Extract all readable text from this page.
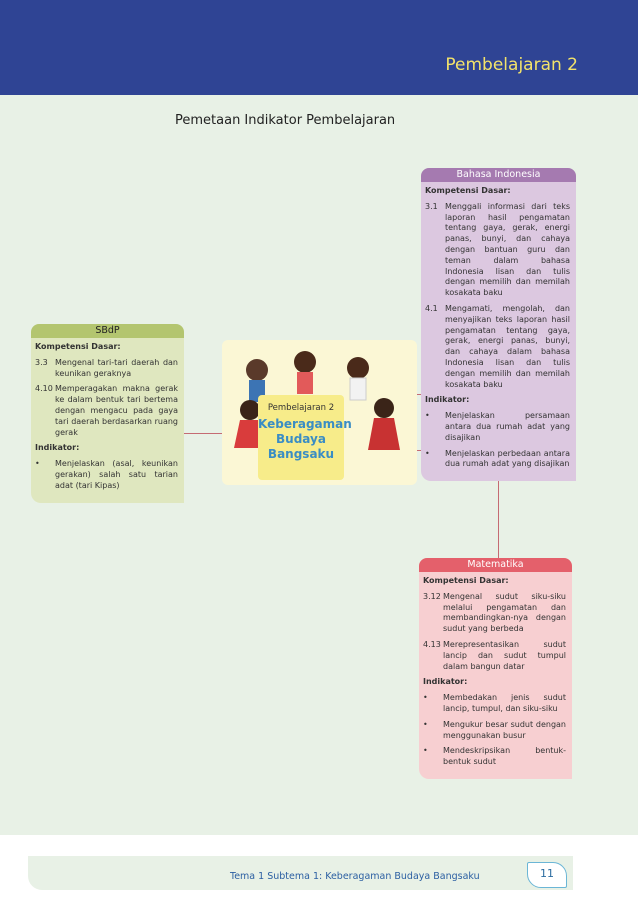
Pembelajaran 2
Pemetaan Indikator Pembelajaran
SBdP
Kompetensi Dasar:
3.3 Mengenal tari-tari daerah dan keunikan geraknya
4.10 Memperagakan makna gerak ke dalam bentuk tari bertema dengan mengacu pada gaya tari daerah berdasarkan ruang gerak
Indikator:
•	Menjelaskan (asal, keunikan gerakan) salah satu tarian adat (tari Kipas)
Bahasa Indonesia
Kompetensi Dasar:
3.1 Menggali informasi dari teks laporan hasil pengamatan tentang gaya, gerak, energi panas, bunyi, dan cahaya dengan bantuan guru dan teman dalam bahasa Indonesia lisan dan tulis dengan memilih dan memilah kosakata baku
4.1 Mengamati, mengolah, dan menyajikan teks laporan hasil pengamatan tentang gaya, gerak, energi panas, bunyi, dan cahaya dalam bahasa Indonesia lisan dan tulis dengan memilih dan memilah kosakata baku
Indikator:
•	Menjelaskan persamaan antara dua rumah adat yang disajikan
•	Menjelaskan perbedaan antara dua rumah adat yang disajikan
Pembelajaran 2
Keberagaman
Budaya
Bangsaku
Matematika
Kompetensi Dasar:
3.12 Mengenal sudut siku-siku melalui pengamatan dan membandingkan-nya dengan sudut yang berbeda
4.13 Merepresentasikan sudut lancip dan sudut tumpul dalam bangun datar
Indikator:
•	Membedakan jenis sudut lancip, tumpul, dan siku-siku
•	Mengukur besar sudut dengan menggunakan busur
•	Mendeskripsikan bentuk-bentuk sudut
Tema 1 Subtema 1: Keberagaman Budaya Bangsaku	11
